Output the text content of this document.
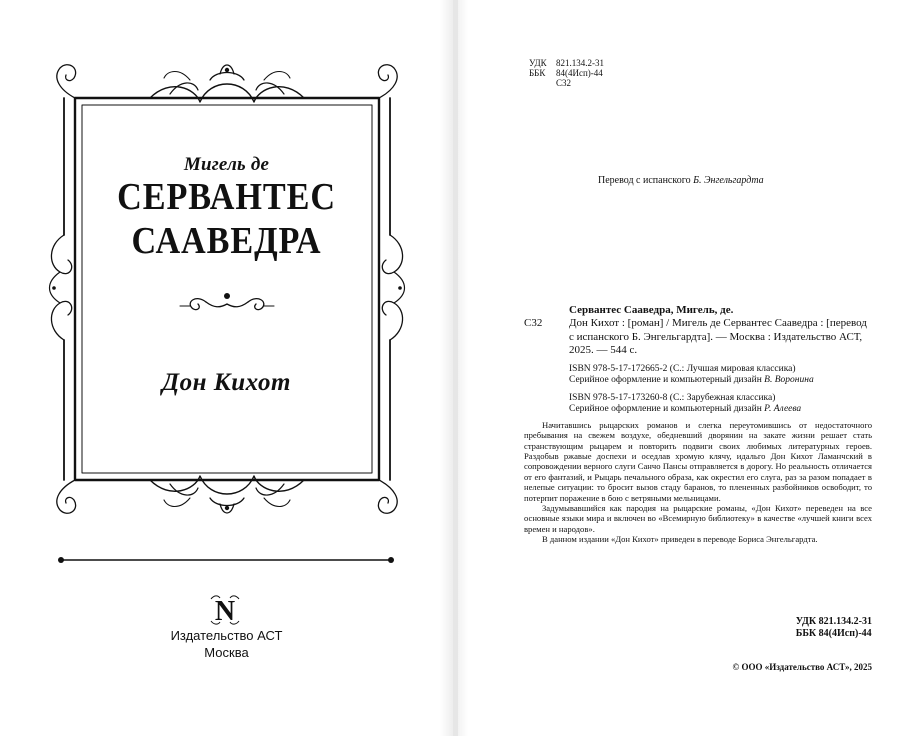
Мигель де
СЕРВАНТЕС
СААВЕДРА
Дон Кихот
N
Издательство АСТ
Москва
УДК 821.134.2-31
ББК 84(4Исп)-44
С32
Перевод с испанского Б. Энгельгардта
Сервантес Сааведра, Мигель, де.
С32 Дон Кихот : [роман] / Мигель де Сервантес Сааведра : [перевод с испанского Б. Энгельгардта]. — Москва : Издательство АСТ, 2025. — 544 с.
ISBN 978-5-17-172665-2 (С.: Лучшая мировая классика)
Серийное оформление и компьютерный дизайн В. Воронина
ISBN 978-5-17-173260-8 (С.: Зарубежная классика)
Серийное оформление и компьютерный дизайн Р. Алеева

Начитавшись рыцарских романов и слегка переутомившись от недостаточного пребывания на свежем воздухе, обедневший дворянин на закате жизни решает стать странствующим рыцарем и повторить подвиги своих любимых литературных героев. Раздобыв ржавые доспехи и оседлав хромую клячу, идальго Дон Кихот Ламанчский в сопровождении верного слуги Санчо Пансы отправляется в дорогу. Но реальность отличается от его фантазий, и Рыцарь печального образа, как окрестил его слуга, раз за разом попадает в нелепые ситуации: то бросит вызов стаду баранов, то плененных разбойников освободит, то потерпит поражение в бою с ветряными мельницами.

Задумывавшийся как пародия на рыцарские романы, «Дон Кихот» переведен на все основные языки мира и включен во «Всемирную библиотеку» в качестве «лучшей книги всех времен и народов».

В данном издании «Дон Кихот» приведен в переводе Бориса Энгельгардта.

УДК 821.134.2-31
ББК 84(4Исп)-44
© ООО «Издательство АСТ», 2025
